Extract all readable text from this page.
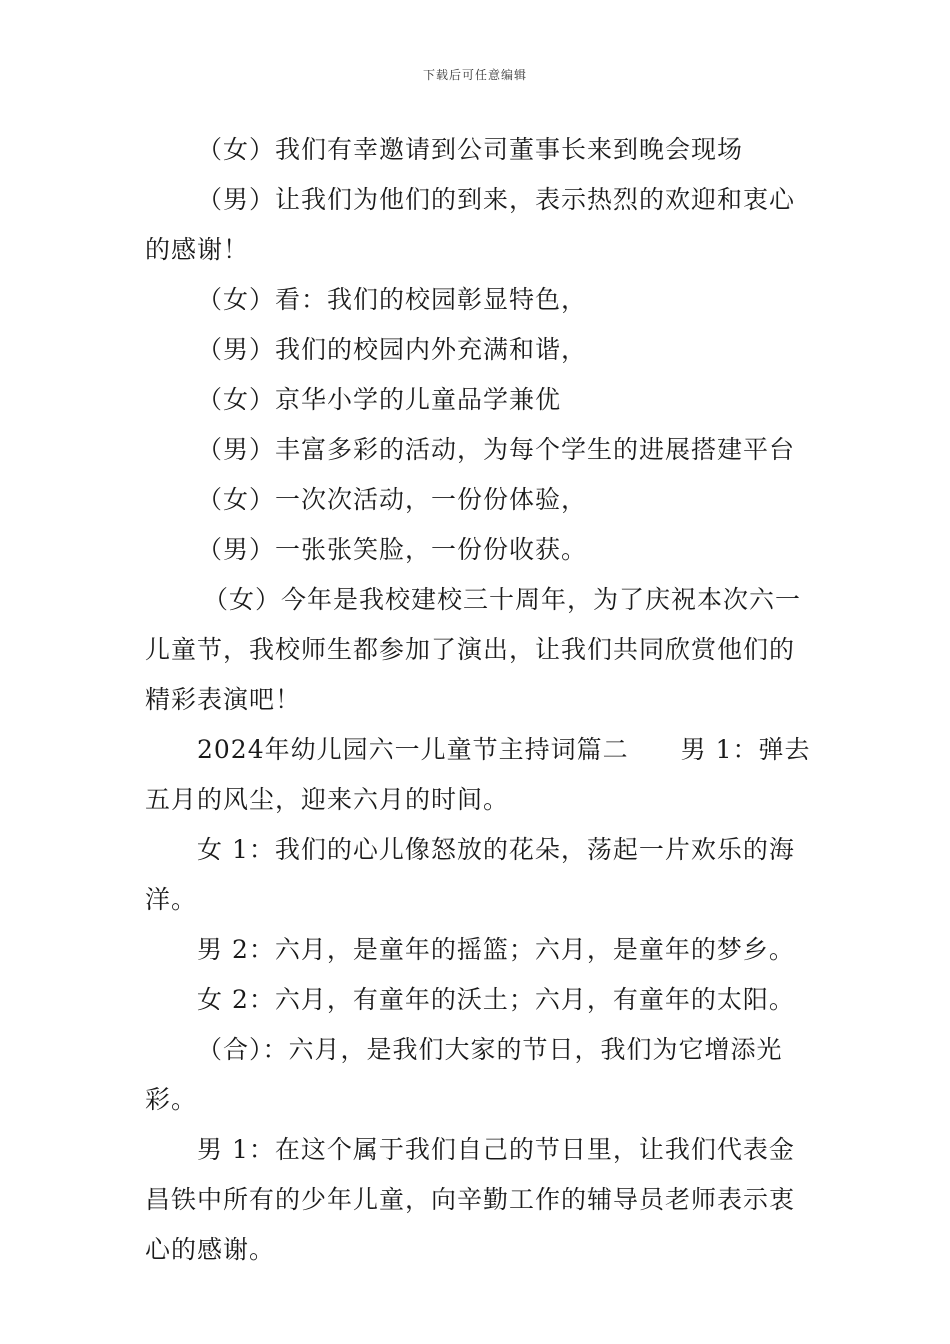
下载后可任意编辑

（女）我们有幸邀请到公司董事长来到晚会现场

（男）让我们为他们的到来，表示热烈的欢迎和衷心的感谢！

（女）看：我们的校园彰显特色，

（男）我们的校园内外充满和谐，

（女）京华小学的儿童品学兼优

（男）丰富多彩的活动，为每个学生的进展搭建平台

（女）一次次活动，一份份体验，

（男）一张张笑脸，一份份收获。

（女）今年是我校建校三十周年，为了庆祝本次六一儿童节，我校师生都参加了演出，让我们共同欣赏他们的精彩表演吧！

2024年幼儿园六一儿童节主持词篇二　　男 1：弹去五月的风尘，迎来六月的时间。

女 1：我们的心儿像怒放的花朵，荡起一片欢乐的海洋。

男 2：六月，是童年的摇篮；六月，是童年的梦乡。

女 2：六月，有童年的沃土；六月，有童年的太阳。

（合）：六月，是我们大家的节日，我们为它增添光彩。

男 1：在这个属于我们自己的节日里，让我们代表金昌铁中所有的少年儿童，向辛勤工作的辅导员老师表示衷心的感谢。
